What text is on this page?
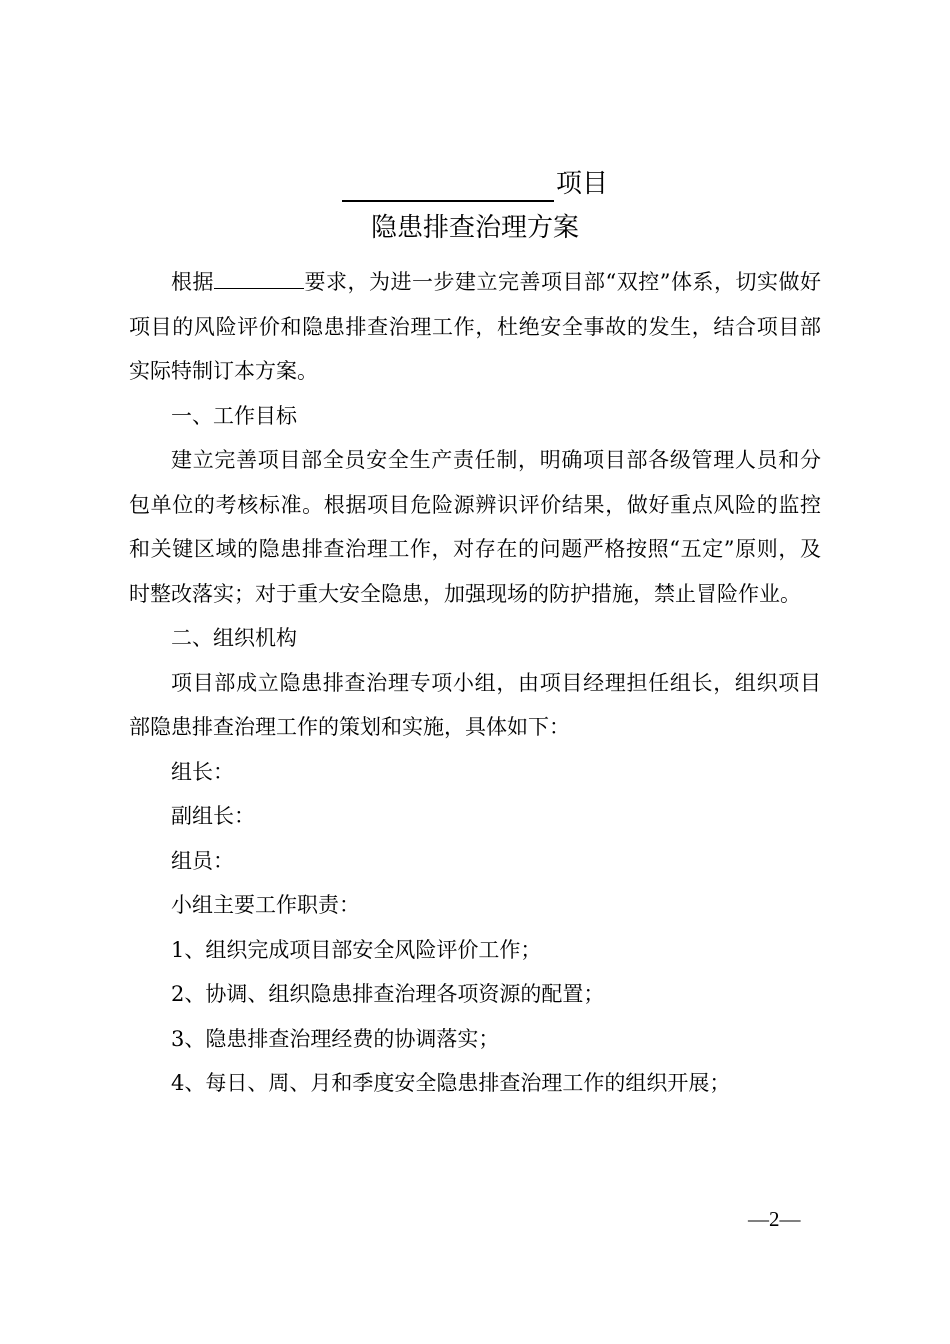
项目
隐患排查治理方案

根据	要求，为进一步建立完善项目部“双控”体系，切实做好项目的风险评价和隐患排查治理工作，杜绝安全事故的发生，结合项目部实际特制订本方案。

一、工作目标

建立完善项目部全员安全生产责任制，明确项目部各级管理人员和分包单位的考核标准。根据项目危险源辨识评价结果，做好重点风险的监控和关键区域的隐患排查治理工作，对存在的问题严格按照“五定”原则，及时整改落实；对于重大安全隐患，加强现场的防护措施，禁止冒险作业。

二、组织机构

项目部成立隐患排查治理专项小组，由项目经理担任组长，组织项目部隐患排查治理工作的策划和实施，具体如下：

组长：

副组长：

组员：

小组主要工作职责：

1、组织完成项目部安全风险评价工作；

2、协调、组织隐患排查治理各项资源的配置；

3、隐患排查治理经费的协调落实；

4、每日、周、月和季度安全隐患排查治理工作的组织开展；

—2—
